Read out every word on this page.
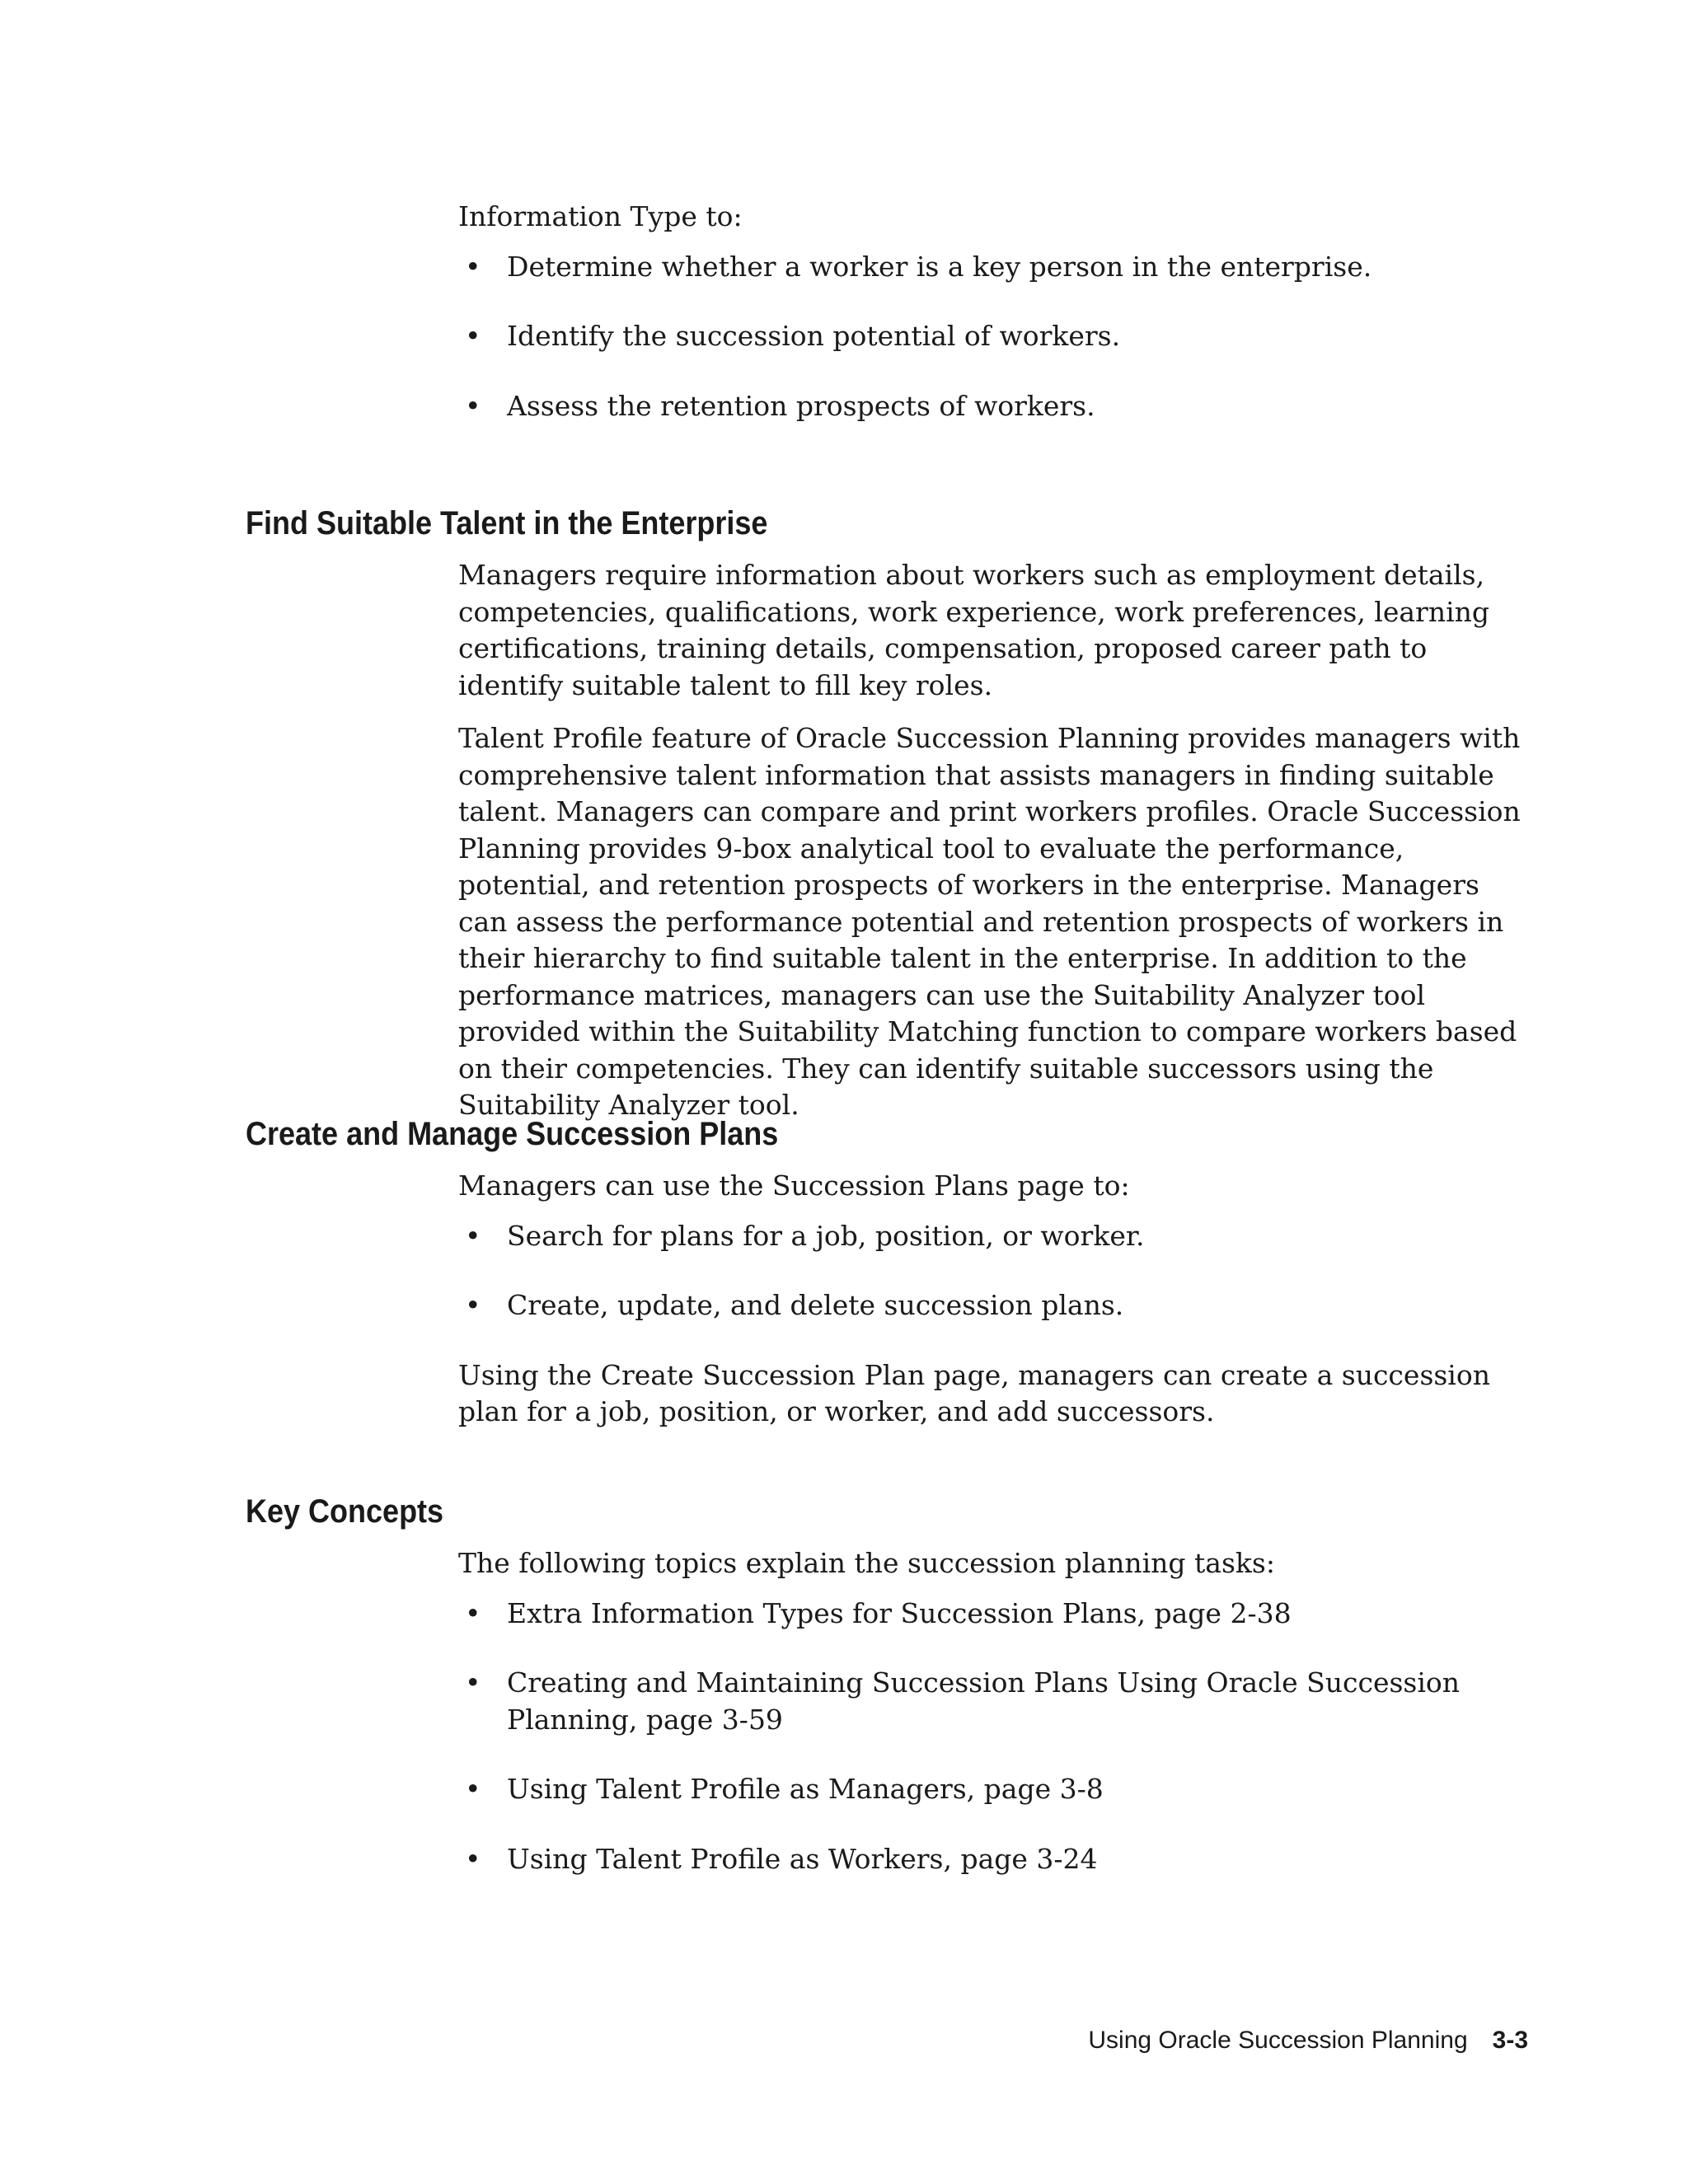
Information Type to:

• Determine whether a worker is a key person in the enterprise.
• Identify the succession potential of workers.
• Assess the retention prospects of workers.
Find Suitable Talent in the Enterprise

Managers require information about workers such as employment details, competencies, qualifications, work experience, work preferences, learning certifications, training details, compensation, proposed career path to identify suitable talent to fill key roles.

Talent Profile feature of Oracle Succession Planning provides managers with comprehensive talent information that assists managers in finding suitable talent. Managers can compare and print workers profiles. Oracle Succession Planning provides 9-box analytical tool to evaluate the performance, potential, and retention prospects of workers in the enterprise. Managers can assess the performance potential and retention prospects of workers in their hierarchy to find suitable talent in the enterprise. In addition to the performance matrices, managers can use the Suitability Analyzer tool provided within the Suitability Matching function to compare workers based on their competencies. They can identify suitable successors using the Suitability Analyzer tool.

Create and Manage Succession Plans

Managers can use the Succession Plans page to:

• Search for plans for a job, position, or worker.
• Create, update, and delete succession plans.

Using the Create Succession Plan page, managers can create a succession plan for a job, position, or worker, and add successors.

Key Concepts

The following topics explain the succession planning tasks:

• Extra Information Types for Succession Plans, page 2-38
• Creating and Maintaining Succession Plans Using Oracle Succession Planning, page 3-59
• Using Talent Profile as Managers, page 3-8
• Using Talent Profile as Workers, page 3-24
Using Oracle Succession Planning 3-3
